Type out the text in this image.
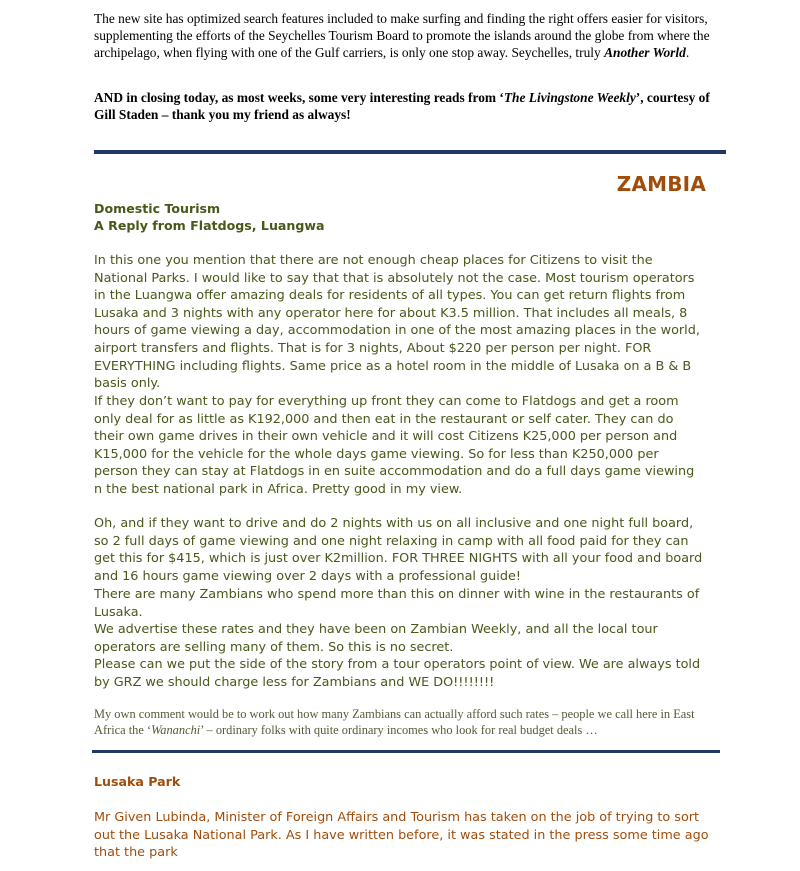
The new site has optimized search features included to make surfing and finding the right offers easier for visitors, supplementing the efforts of the Seychelles Tourism Board to promote the islands around the globe from where the archipelago, when flying with one of the Gulf carriers, is only one stop away. Seychelles, truly Another World.

AND in closing today, as most weeks, some very interesting reads from ‘The Livingstone Weekly’, courtesy of Gill Staden – thank you my friend as always!

ZAMBIA

Domestic Tourism

A Reply from Flatdogs, Luangwa

In this one you mention that there are not enough cheap places for Citizens to visit the National Parks. I would like to say that that is absolutely not the case. Most tourism operators in the Luangwa offer amazing deals for residents of all types. You can get return flights from Lusaka and 3 nights with any operator here for about K3.5 million. That includes all meals, 8 hours of game viewing a day, accommodation in one of the most amazing places in the world, airport transfers and flights. That is for 3 nights, About $220 per person per night. FOR EVERYTHING including flights. Same price as a hotel room in the middle of Lusaka on a B & B basis only.

If they don’t want to pay for everything up front they can come to Flatdogs and get a room only deal for as little as K192,000 and then eat in the restaurant or self cater. They can do their own game drives in their own vehicle and it will cost Citizens K25,000 per person and K15,000 for the vehicle for the whole days game viewing. So for less than K250,000 per person they can stay at Flatdogs in en suite accommodation and do a full days game viewing n the best national park in Africa. Pretty good in my view.

Oh, and if they want to drive and do 2 nights with us on all inclusive and one night full board, so 2 full days of game viewing and one night relaxing in camp with all food paid for they can get this for $415, which is just over K2million. FOR THREE NIGHTS with all your food and board and 16 hours game viewing over 2 days with a professional guide!

There are many Zambians who spend more than this on dinner with wine in the restaurants of Lusaka.

We advertise these rates and they have been on Zambian Weekly, and all the local tour operators are selling many of them. So this is no secret.

Please can we put the side of the story from a tour operators point of view. We are always told by GRZ we should charge less for Zambians and WE DO!!!!!!!!

My own comment would be to work out how many Zambians can actually afford such rates – people we call here in East Africa the ‘Wananchi’ – ordinary folks with quite ordinary incomes who look for real budget deals …

Lusaka Park

Mr Given Lubinda, Minister of Foreign Affairs and Tourism has taken on the job of trying to sort out the Lusaka National Park. As I have written before, it was stated in the press some time ago that the park
